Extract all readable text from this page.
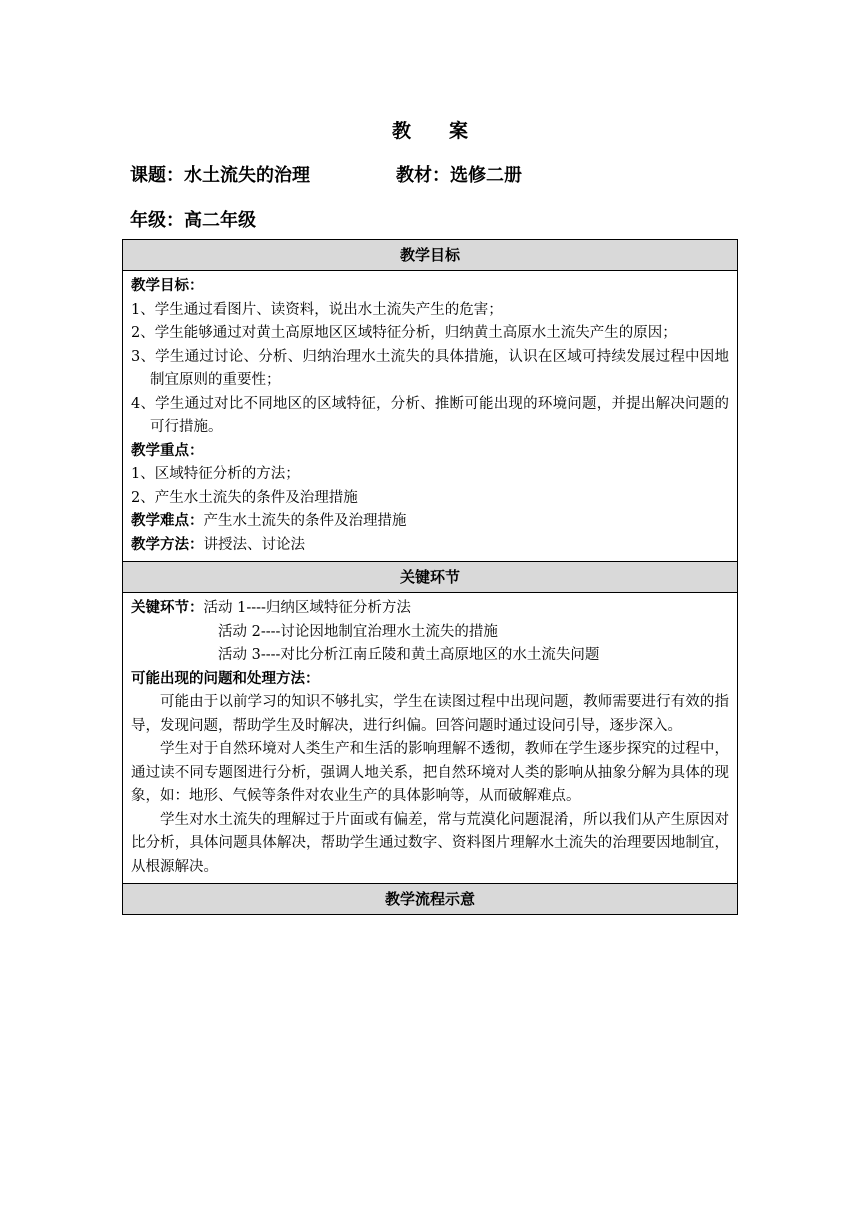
教案
课题：水土流失的治理	教材：选修二册
年级：高二年级
教学目标
教学目标：
1、学生通过看图片、读资料，说出水土流失产生的危害；
2、学生能够通过对黄土高原地区区域特征分析，归纳黄土高原水土流失产生的原因；
3、学生通过讨论、分析、归纳治理水土流失的具体措施，认识在区域可持续发展过程中因地制宜原则的重要性；
4、学生通过对比不同地区的区域特征，分析、推断可能出现的环境问题，并提出解决问题的可行措施。
教学重点：
1、区域特征分析的方法；
2、产生水土流失的条件及治理措施
教学难点：产生水土流失的条件及治理措施
教学方法：讲授法、讨论法
关键环节
关键环节：活动 1----归纳区域特征分析方法
活动 2----讨论因地制宜治理水土流失的措施
活动 3----对比分析江南丘陵和黄土高原地区的水土流失问题
可能出现的问题和处理方法：
可能由于以前学习的知识不够扎实，学生在读图过程中出现问题，教师需要进行有效的指导，发现问题，帮助学生及时解决，进行纠偏。回答问题时通过设问引导，逐步深入。
学生对于自然环境对人类生产和生活的影响理解不透彻，教师在学生逐步探究的过程中，通过读不同专题图进行分析，强调人地关系，把自然环境对人类的影响从抽象分解为具体的现象，如：地形、气候等条件对农业生产的具体影响等，从而破解难点。
学生对水土流失的理解过于片面或有偏差，常与荒漠化问题混淆，所以我们从产生原因对比分析，具体问题具体解决，帮助学生通过数字、资料图片理解水土流失的治理要因地制宜，从根源解决。
教学流程示意
